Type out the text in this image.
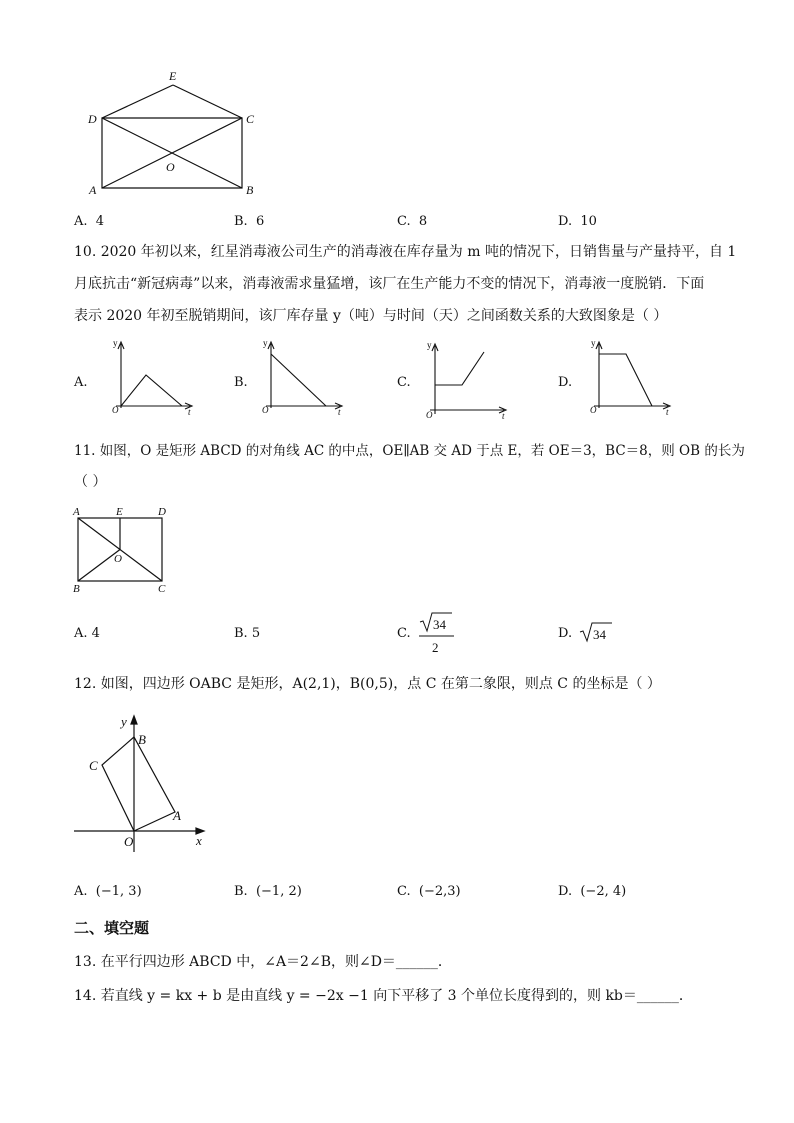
E
D	C
O
A	B
A. 4	B. 6	C. 8	D. 10
10. 2020 年初以来，红星消毒液公司生产的消毒液在库存量为 m 吨的情况下，日销售量与产量持平，自 1
月底抗击“新冠病毒”以来，消毒液需求量猛增，该厂在生产能力不变的情况下，消毒液一度脱销．下面
表示 2020 年初至脱销期间，该厂库存量 y（吨）与时间（天）之间函数关系的大致图象是（ ）
A.	B.	C.	D.
y
O	t
y
O	t
y
O	t
y
O	t
11. 如图，O 是矩形 ABCD 的对角线 AC 的中点，OE∥AB 交 AD 于点 E，若 OE＝3，BC＝8，则 OB 的长为
（ ）
A	E	D
O
B	C
A. 4	B. 5	C.
34
2
D. 34
12. 如图，四边形 OABC 是矩形，A(2,1)，B(0,5)，点 C 在第二象限，则点 C 的坐标是（ ）
y
B
C
A
O	x
A. (−1, 3)	B. (−1, 2)	C. (−2,3)	D. (−2, 4)
二、填空题
13. 在平行四边形 ABCD 中，∠A＝2∠B，则∠D＝______．
14. 若直线 y = kx + b 是由直线 y = −2x −1 向下平移了 3 个单位长度得到的，则 kb＝______．
